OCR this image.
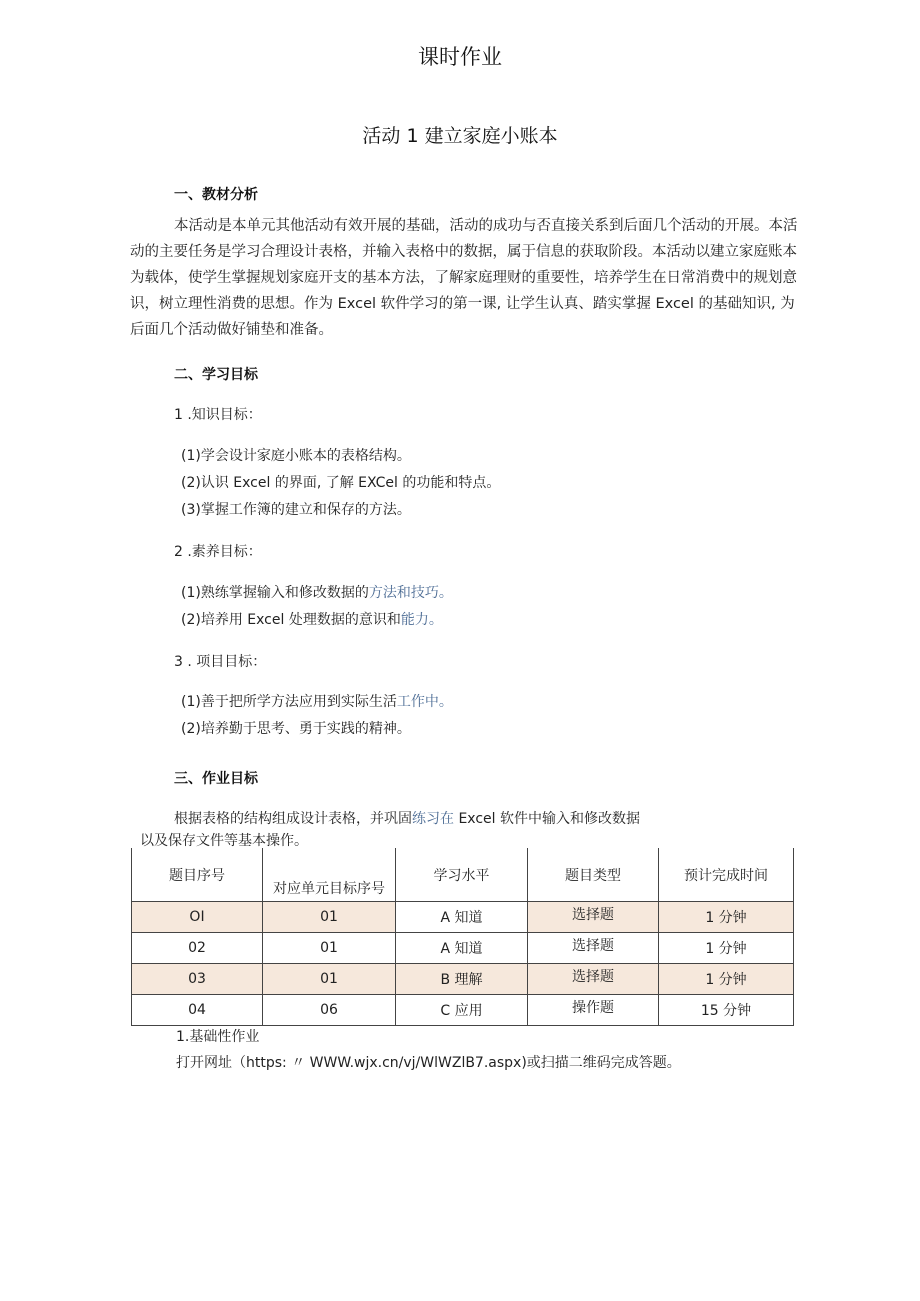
课时作业
活动 1 建立家庭小账本
一、教材分析

本活动是本单元其他活动有效开展的基础，活动的成功与否直接关系到后面几个活动的开展。本活动的主要任务是学习合理设计表格，并输入表格中的数据，属于信息的获取阶段。本活动以建立家庭账本为载体，使学生掌握规划家庭开支的基本方法，了解家庭理财的重要性，培养学生在日常消费中的规划意识，树立理性消费的思想。作为 Excel 软件学习的第一课, 让学生认真、踏实掌握 Excel 的基础知识, 为后面几个活动做好铺垫和准备。

二、学习目标
1 .知识目标：
(1)学会设计家庭小账本的表格结构。
(2)认识 Excel 的界面, 了解 EXCel 的功能和特点。
(3)掌握工作簿的建立和保存的方法。
2 .素养目标：
(1)熟练掌握输入和修改数据的方法和技巧。
(2)培养用 Excel 处理数据的意识和能力。
3 . 项目目标：
(1)善于把所学方法应用到实际生活工作中。
(2)培养勤于思考、勇于实践的精神。
三、作业目标
根据表格的结构组成设计表格，并巩固练习在 Excel 软件中输入和修改数据
以及保存文件等基本操作。
题目序号	对应单元目标序号	学习水平	题目类型	预计完成时间
OI	01	A 知道	选择题	1 分钟
02	01	A 知道	选择题	1 分钟
03	01	B 理解	选择题	1 分钟
04	06	C 应用	操作题	15 分钟
1.基础性作业
打开网址（https: 〃 WWW.wjx.cn/vj/WlWZlB7.aspx)或扫描二维码完成答题。
